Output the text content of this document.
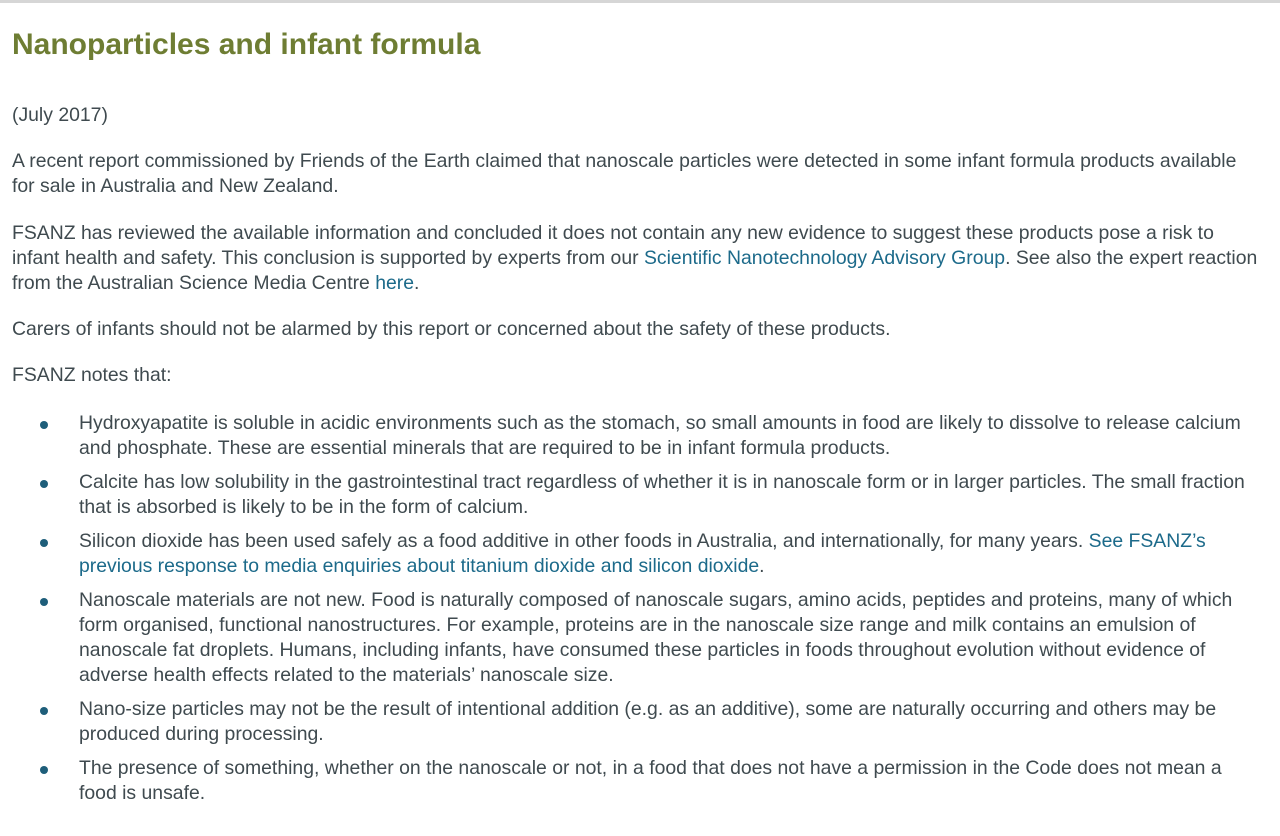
Nanoparticles and infant formula

(July 2017)

A recent report commissioned by Friends of the Earth claimed that nanoscale particles were detected in some infant formula products available for sale in Australia and New Zealand.

FSANZ has reviewed the available information and concluded it does not contain any new evidence to suggest these products pose a risk to infant health and safety. This conclusion is supported by experts from our Scientific Nanotechnology Advisory Group. See also the expert reaction from the Australian Science Media Centre here.

Carers of infants should not be alarmed by this report or concerned about the safety of these products.

FSANZ notes that:

Hydroxyapatite is soluble in acidic environments such as the stomach, so small amounts in food are likely to dissolve to release calcium and phosphate. These are essential minerals that are required to be in infant formula products.
Calcite has low solubility in the gastrointestinal tract regardless of whether it is in nanoscale form or in larger particles. The small fraction that is absorbed is likely to be in the form of calcium.
Silicon dioxide has been used safely as a food additive in other foods in Australia, and internationally, for many years. See FSANZ’s previous response to media enquiries about titanium dioxide and silicon dioxide.
Nanoscale materials are not new. Food is naturally composed of nanoscale sugars, amino acids, peptides and proteins, many of which form organised, functional nanostructures. For example, proteins are in the nanoscale size range and milk contains an emulsion of nanoscale fat droplets. Humans, including infants, have consumed these particles in foods throughout evolution without evidence of adverse health effects related to the materials’ nanoscale size.
Nano-size particles may not be the result of intentional addition (e.g. as an additive), some are naturally occurring and others may be produced during processing.
The presence of something, whether on the nanoscale or not, in a food that does not have a permission in the Code does not mean a food is unsafe.
